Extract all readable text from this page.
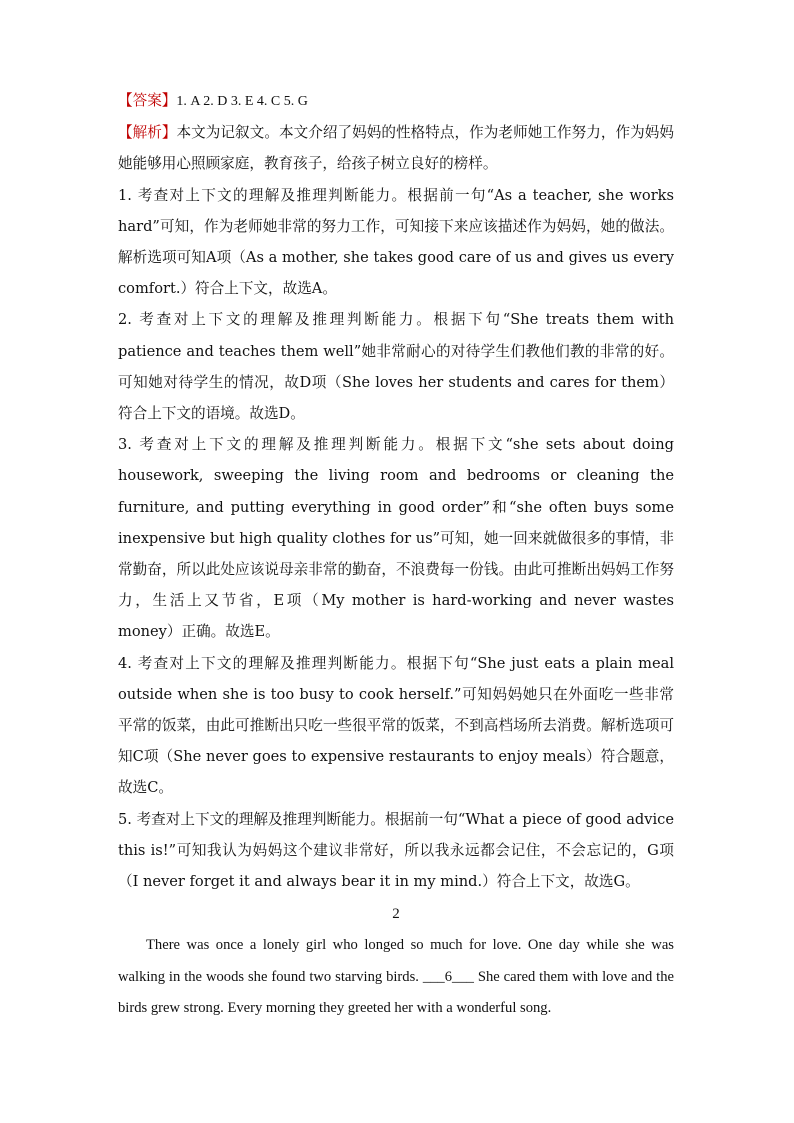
【答案】1. A 2. D 3. E 4. C 5. G

【解析】本文为记叙文。本文介绍了妈妈的性格特点，作为老师她工作努力，作为妈妈她能够用心照顾家庭，教育孩子，给孩子树立良好的榜样。

1. 考查对上下文的理解及推理判断能力。根据前一句“As a teacher, she works hard”可知，作为老师她非常的努力工作，可知接下来应该描述作为妈妈，她的做法。解析选项可知A项（As a mother, she takes good care of us and gives us every comfort.）符合上下文，故选A。

2. 考查对上下文的理解及推理判断能力。根据下句“She treats them with patience and teaches them well”她非常耐心的对待学生们教他们教的非常的好。可知她对待学生的情况，故D项（She loves her students and cares for them）符合上下文的语境。故选D。

3. 考查对上下文的理解及推理判断能力。根据下文“she sets about doing housework, sweeping the living room and bedrooms or cleaning the furniture, and putting everything in good order”和“she often buys some inexpensive but high quality clothes for us”可知，她一回来就做很多的事情，非常勤奋，所以此处应该说母亲非常的勤奋，不浪费每一份钱。由此可推断出妈妈工作努力，生活上又节省，E项（My mother is hard-working and never wastes money）正确。故选E。

4. 考查对上下文的理解及推理判断能力。根据下句“She just eats a plain meal outside when she is too busy to cook herself.”可知妈妈她只在外面吃一些非常平常的饭菜，由此可推断出只吃一些很平常的饭菜，不到高档场所去消费。解析选项可知C项（She never goes to expensive restaurants to enjoy meals）符合题意，故选C。

5. 考查对上下文的理解及推理判断能力。根据前一句“What a piece of good advice this is!”可知我认为妈妈这个建议非常好，所以我永远都会记住，不会忘记的，G项（I never forget it and always bear it in my mind.）符合上下文，故选G。

2

There was once a lonely girl who longed so much for love. One day while she was walking in the woods she found two starving birds. ___6___ She cared them with love and the birds grew strong. Every morning they greeted her with a wonderful song.
